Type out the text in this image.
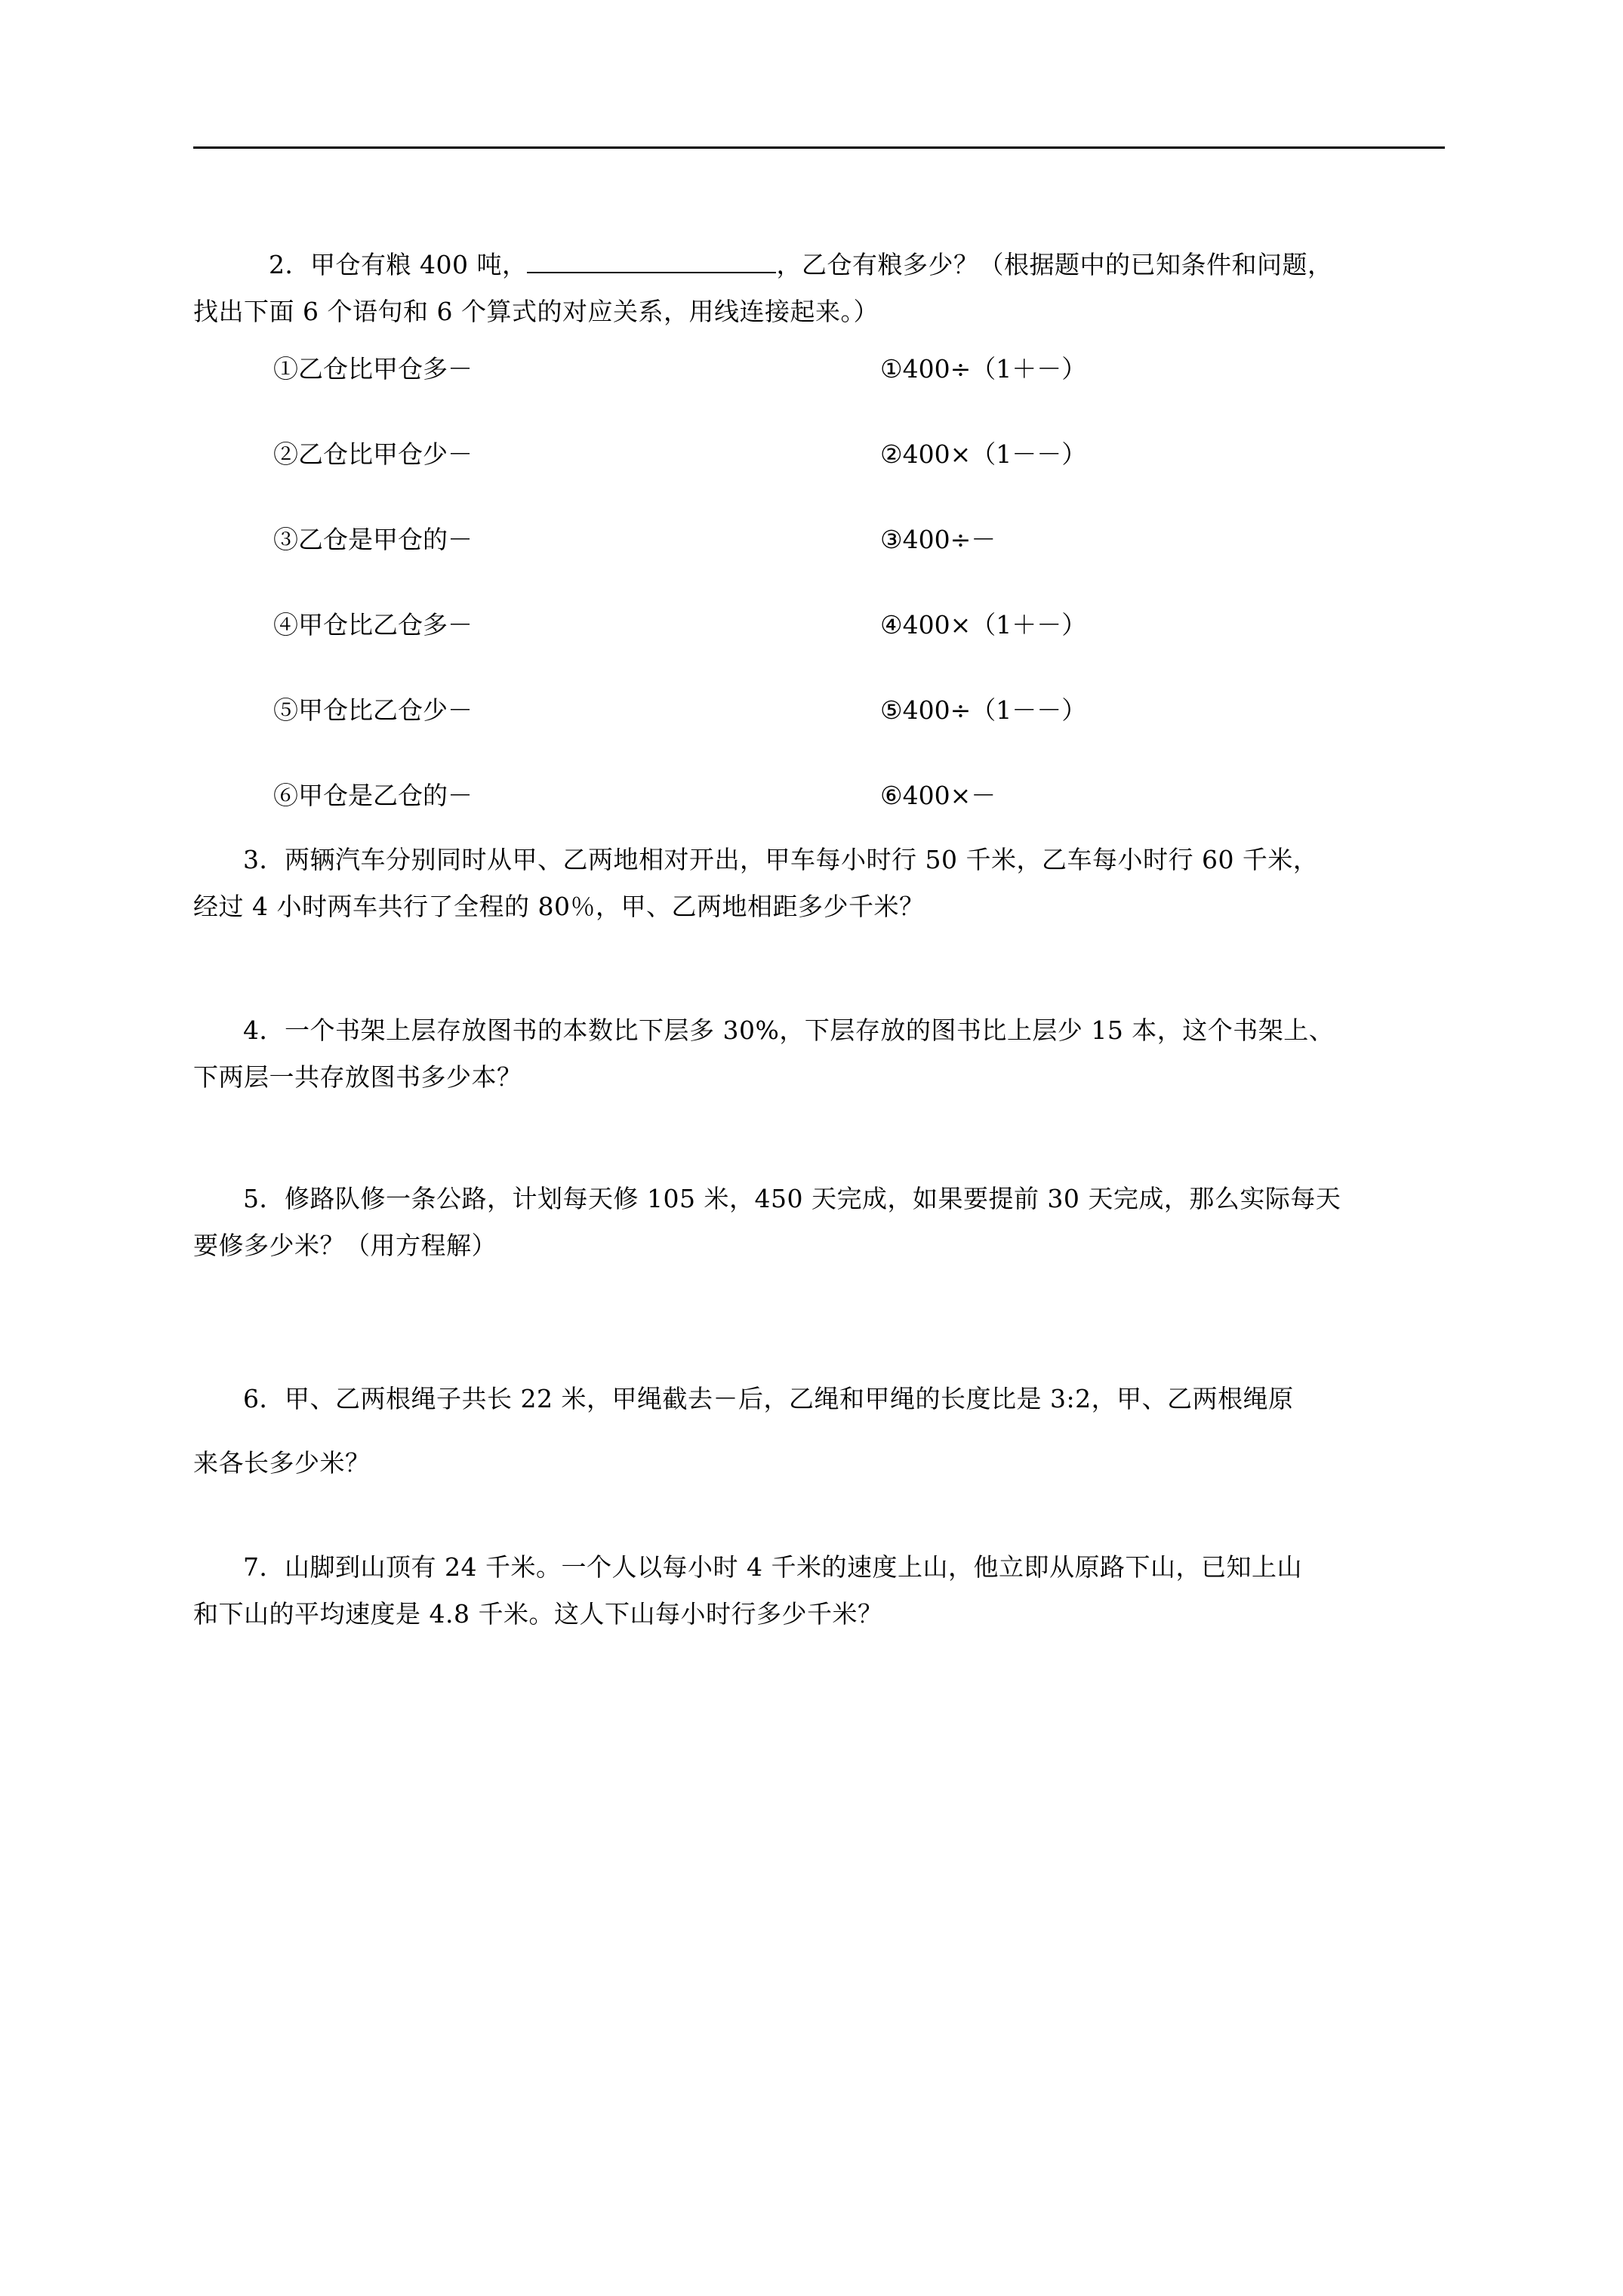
2．甲仓有粮 400 吨，	，乙仓有粮多少？（根据题中的已知条件和问题，
找出下面 6 个语句和 6 个算式的对应关系，用线连接起来。）
①乙仓比甲仓多－	①400÷（1＋－）
②乙仓比甲仓少－	②400×（1－－）
③乙仓是甲仓的－	③400÷－
④甲仓比乙仓多－	④400×（1＋－）
⑤甲仓比乙仓少－	⑤400÷（1－－）
⑥甲仓是乙仓的－	⑥400×－
3．两辆汽车分别同时从甲、乙两地相对开出，甲车每小时行 50 千米，乙车每小时行 60 千米，
经过 4 小时两车共行了全程的 80％，甲、乙两地相距多少千米？
4．一个书架上层存放图书的本数比下层多 30%，下层存放的图书比上层少 15 本，这个书架上、
下两层一共存放图书多少本？
5．修路队修一条公路，计划每天修 105 米，450 天完成，如果要提前 30 天完成，那么实际每天
要修多少米？（用方程解）
6．甲、乙两根绳子共长 22 米，甲绳截去－后，乙绳和甲绳的长度比是 3:2，甲、乙两根绳原
来各长多少米？
7．山脚到山顶有 24 千米。一个人以每小时 4 千米的速度上山，他立即从原路下山，已知上山
和下山的平均速度是 4.8 千米。这人下山每小时行多少千米？
